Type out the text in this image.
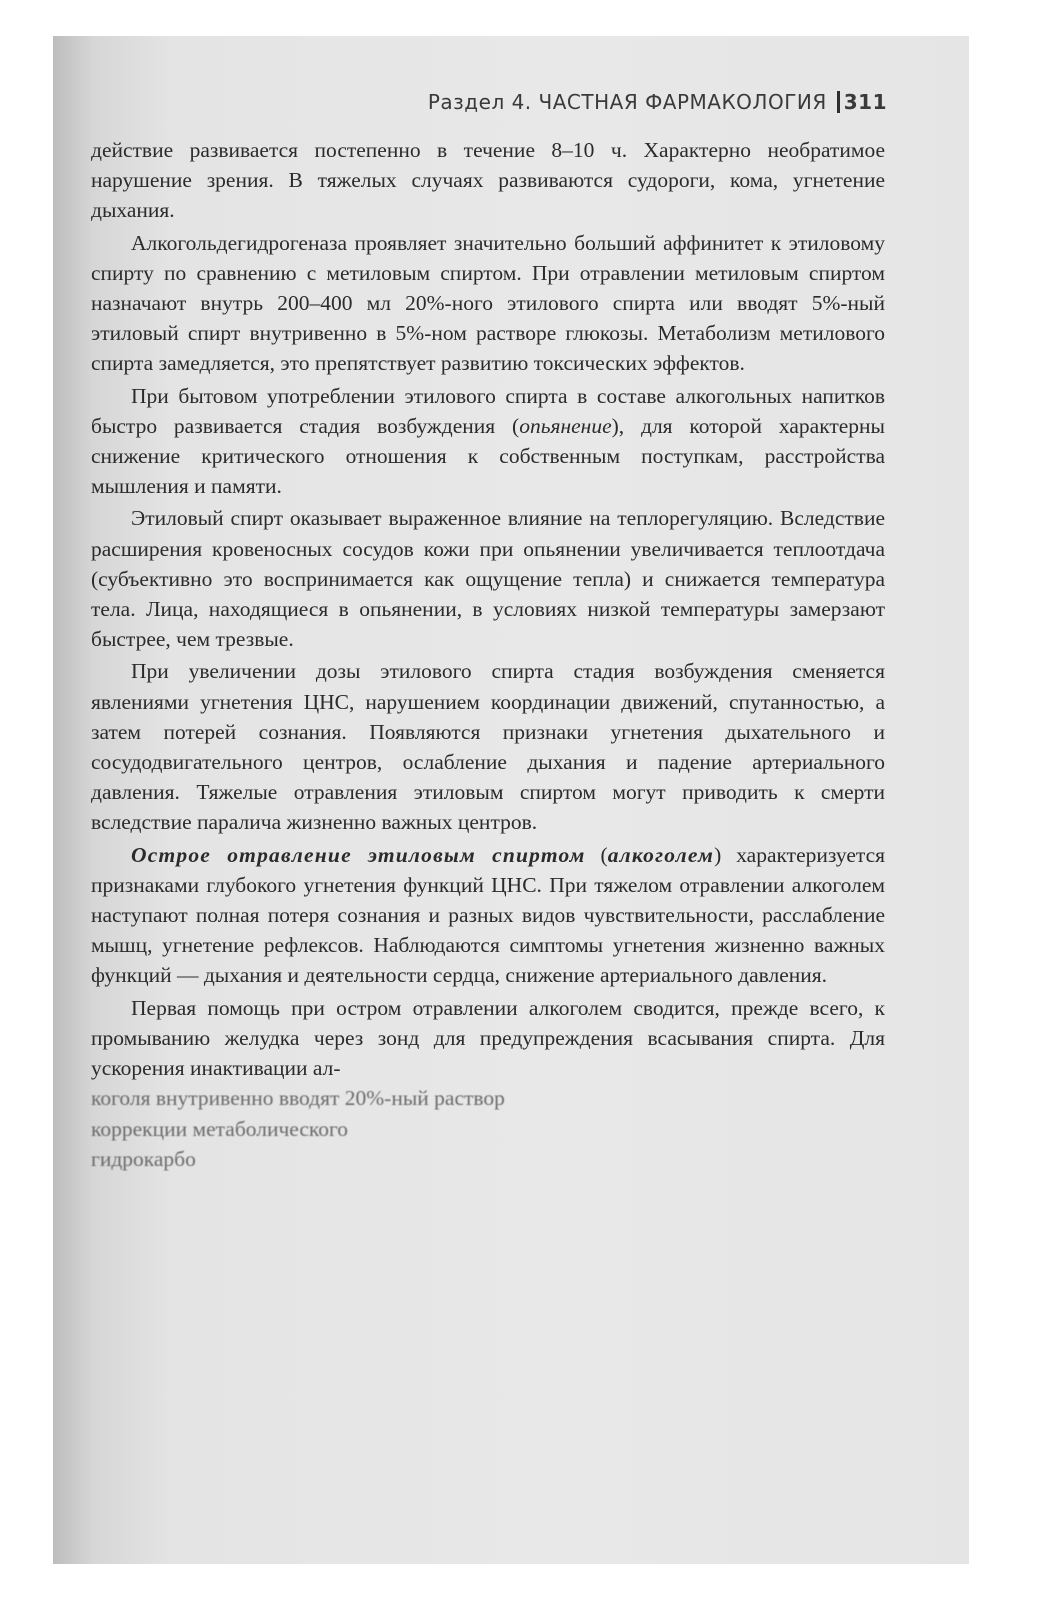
Раздел 4. ЧАСТНАЯ ФАРМАКОЛОГИЯ 311

действие развивается постепенно в течение 8–10 ч. Характерно необратимое нарушение зрения. В тяжелых случаях развиваются судороги, кома, угнетение дыхания.

Алкогольдегидрогеназа проявляет значительно больший аффинитет к этиловому спирту по сравнению с метиловым спиртом. При отравлении метиловым спиртом назначают внутрь 200–400 мл 20%-ного этилового спирта или вводят 5%-ный этиловый спирт внутривенно в 5%-ном растворе глюкозы. Метаболизм метилового спирта замедляется, это препятствует развитию токсических эффектов.

При бытовом употреблении этилового спирта в составе алкогольных напитков быстро развивается стадия возбуждения (опьянение), для которой характерны снижение критического отношения к собственным поступкам, расстройства мышления и памяти.

Этиловый спирт оказывает выраженное влияние на теплорегуляцию. Вследствие расширения кровеносных сосудов кожи при опьянении увеличивается теплоотдача (субъективно это воспринимается как ощущение тепла) и снижается температура тела. Лица, находящиеся в опьянении, в условиях низкой температуры замерзают быстрее, чем трезвые.

При увеличении дозы этилового спирта стадия возбуждения сменяется явлениями угнетения ЦНС, нарушением координации движений, спутанностью, а затем потерей сознания. Появляются признаки угнетения дыхательного и сосудодвигательного центров, ослабление дыхания и падение артериального давления. Тяжелые отравления этиловым спиртом могут приводить к смерти вследствие паралича жизненно важных центров.

Острое отравление этиловым спиртом (алкоголем) характеризуется признаками глубокого угнетения функций ЦНС. При тяжелом отравлении алкоголем наступают полная потеря сознания и разных видов чувствительности, расслабление мышц, угнетение рефлексов. Наблюдаются симптомы угнетения жизненно важных функций — дыхания и деятельности сердца, снижение артериального давления.

Первая помощь при остром отравлении алкоголем сводится, прежде всего, к промыванию желудка через зонд для предупреждения всасывания спирта. Для ускорения инактивации ал-
коголя внутривенно вводят 20%-ный раствор
коррекции метаболического
гидрокарбо
